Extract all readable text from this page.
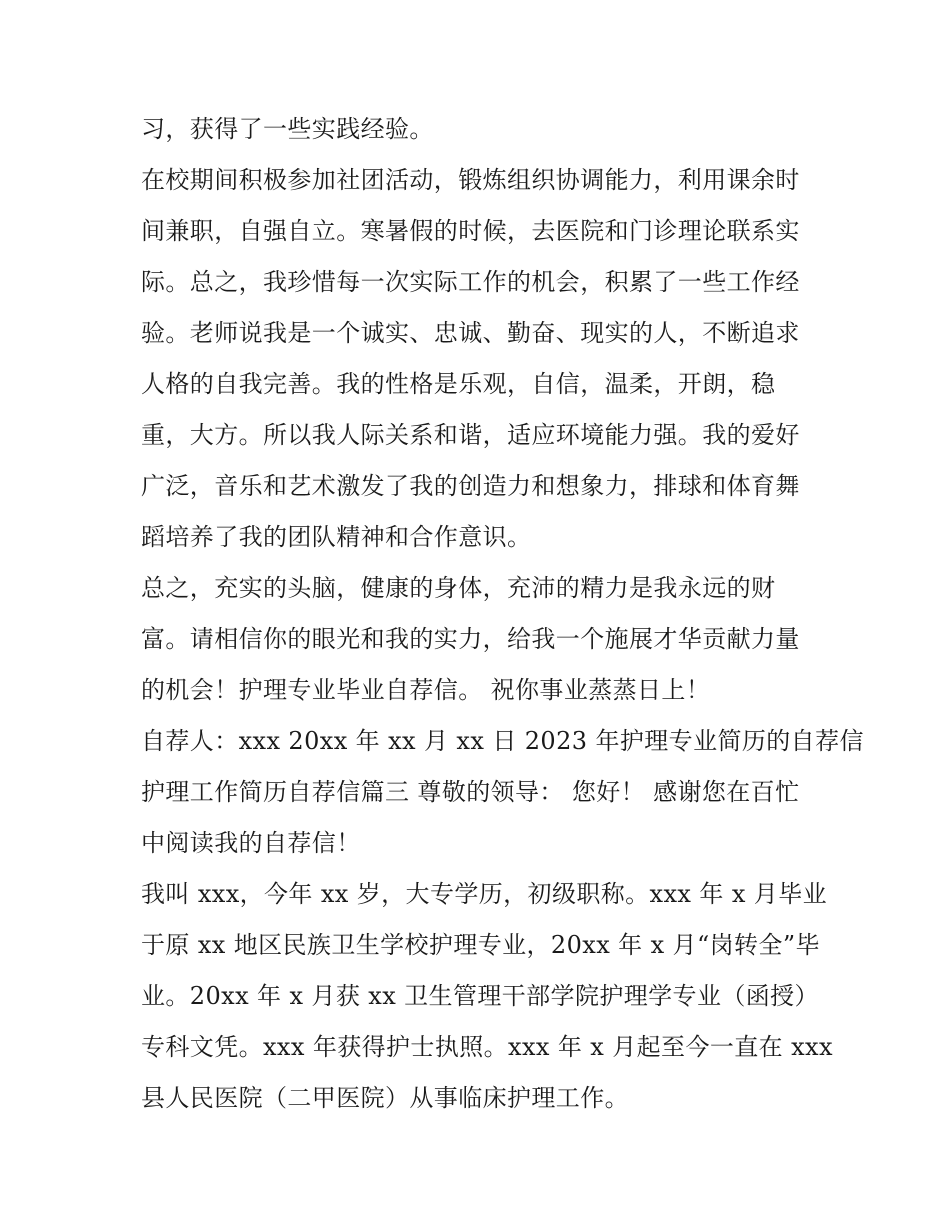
习，获得了一些实践经验。
在校期间积极参加社团活动，锻炼组织协调能力，利用课余时
间兼职，自强自立。寒暑假的时候，去医院和门诊理论联系实
际。总之，我珍惜每一次实际工作的机会，积累了一些工作经
验。老师说我是一个诚实、忠诚、勤奋、现实的人，不断追求
人格的自我完善。我的性格是乐观，自信，温柔，开朗，稳
重，大方。所以我人际关系和谐，适应环境能力强。我的爱好
广泛，音乐和艺术激发了我的创造力和想象力，排球和体育舞
蹈培养了我的团队精神和合作意识。
总之，充实的头脑，健康的身体，充沛的精力是我永远的财
富。请相信你的眼光和我的实力，给我一个施展才华贡献力量
的机会！护理专业毕业自荐信。 祝你事业蒸蒸日上！
自荐人：xxx 20xx 年 xx 月 xx 日 2023 年护理专业简历的自荐信
护理工作简历自荐信篇三 尊敬的领导： 您好！ 感谢您在百忙
中阅读我的自荐信！
我叫 xxx，今年 xx 岁，大专学历，初级职称。xxx 年 x 月毕业
于原 xx 地区民族卫生学校护理专业，20xx 年 x 月“岗转全”毕
业。20xx 年 x 月获 xx 卫生管理干部学院护理学专业（函授）
专科文凭。xxx 年获得护士执照。xxx 年 x 月起至今一直在 xxx
县人民医院（二甲医院）从事临床护理工作。
